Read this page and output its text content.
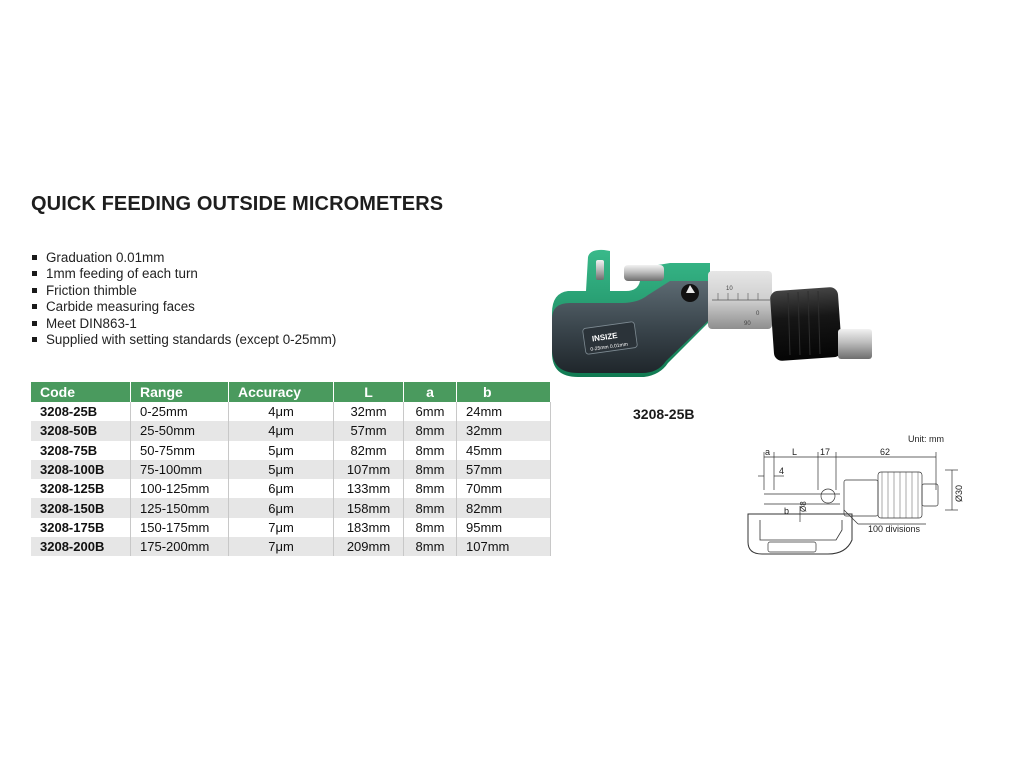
QUICK FEEDING OUTSIDE MICROMETERS
Graduation 0.01mm
1mm feeding of each turn
Friction thimble
Carbide measuring faces
Meet DIN863-1
Supplied with setting standards (except 0-25mm)
Code	Range	Accuracy	L	a	b
3208-25B	0-25mm	4μm	32mm	6mm	24mm
3208-50B	25-50mm	4μm	57mm	8mm	32mm
3208-75B	50-75mm	5μm	82mm	8mm	45mm
3208-100B	75-100mm	5μm	107mm	8mm	57mm
3208-125B	100-125mm	6μm	133mm	8mm	70mm
3208-150B	125-150mm	6μm	158mm	8mm	82mm
3208-175B	150-175mm	7μm	183mm	8mm	95mm
3208-200B	175-200mm	7μm	209mm	8mm	107mm
INSIZE
0-25mm 0.01mm
10
0
90
3208-25B
Unit: mm
a L	17	62
4
b Ø8
Ø30
100 divisions
